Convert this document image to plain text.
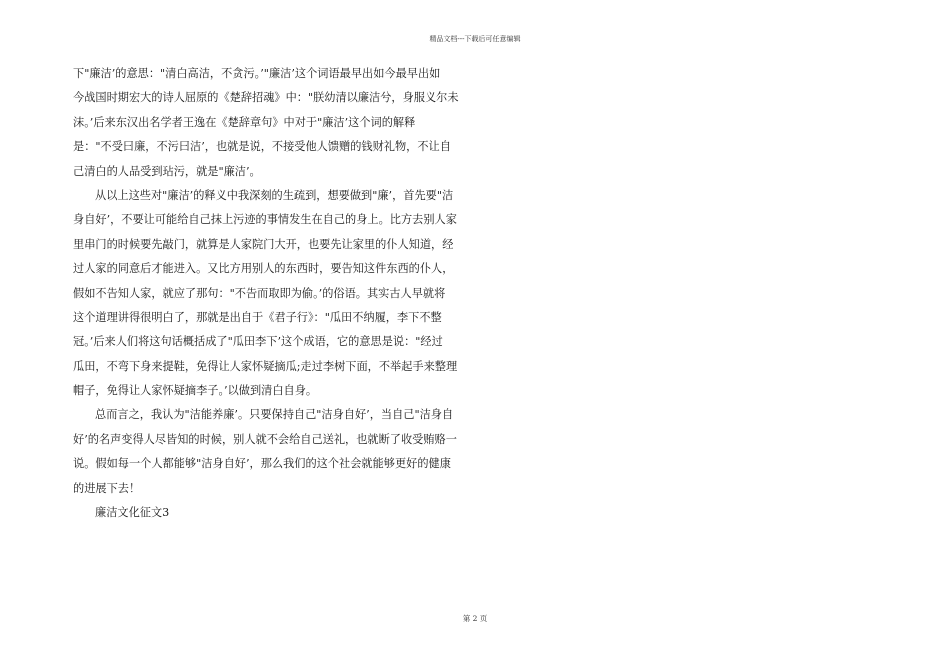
精品文档---下载后可任意编辑
下"廉洁’的意思："清白高洁，不贪污。’"廉洁’这个词语最早出如今最早出如
今战国时期宏大的诗人屈原的《楚辞招魂》中："朕幼清以廉洁兮，身服义尔未
沫。’后来东汉出名学者王逸在《楚辞章句》中对于"廉洁’这个词的解释
是："不受曰廉，不污曰洁’，也就是说，不接受他人馈赠的钱财礼物，不让自
己清白的人品受到玷污，就是"廉洁’。
从以上这些对"廉洁’的释义中我深刻的生疏到，想要做到"廉’，首先要"洁
身自好’，不要让可能给自己抹上污迹的事情发生在自己的身上。比方去别人家
里串门的时候要先敲门，就算是人家院门大开，也要先让家里的仆人知道，经
过人家的同意后才能进入。又比方用别人的东西时，要告知这件东西的仆人，
假如不告知人家，就应了那句："不告而取即为偷。’的俗语。其实古人早就将
这个道理讲得很明白了，那就是出自于《君子行》："瓜田不纳履，李下不整
冠。’后来人们将这句话概括成了"瓜田李下’这个成语，它的意思是说："经过
瓜田，不弯下身来提鞋，免得让人家怀疑摘瓜;走过李树下面，不举起手来整理
帽子，免得让人家怀疑摘李子。’以做到清白自身。
总而言之，我认为"洁能养廉’。只要保持自己"洁身自好’，当自己"洁身自
好’的名声变得人尽皆知的时候，别人就不会给自己送礼，也就断了收受贿赂一
说。假如每一个人都能够"洁身自好’，那么我们的这个社会就能够更好的健康
的进展下去！
廉洁文化征文3
第 2 页
